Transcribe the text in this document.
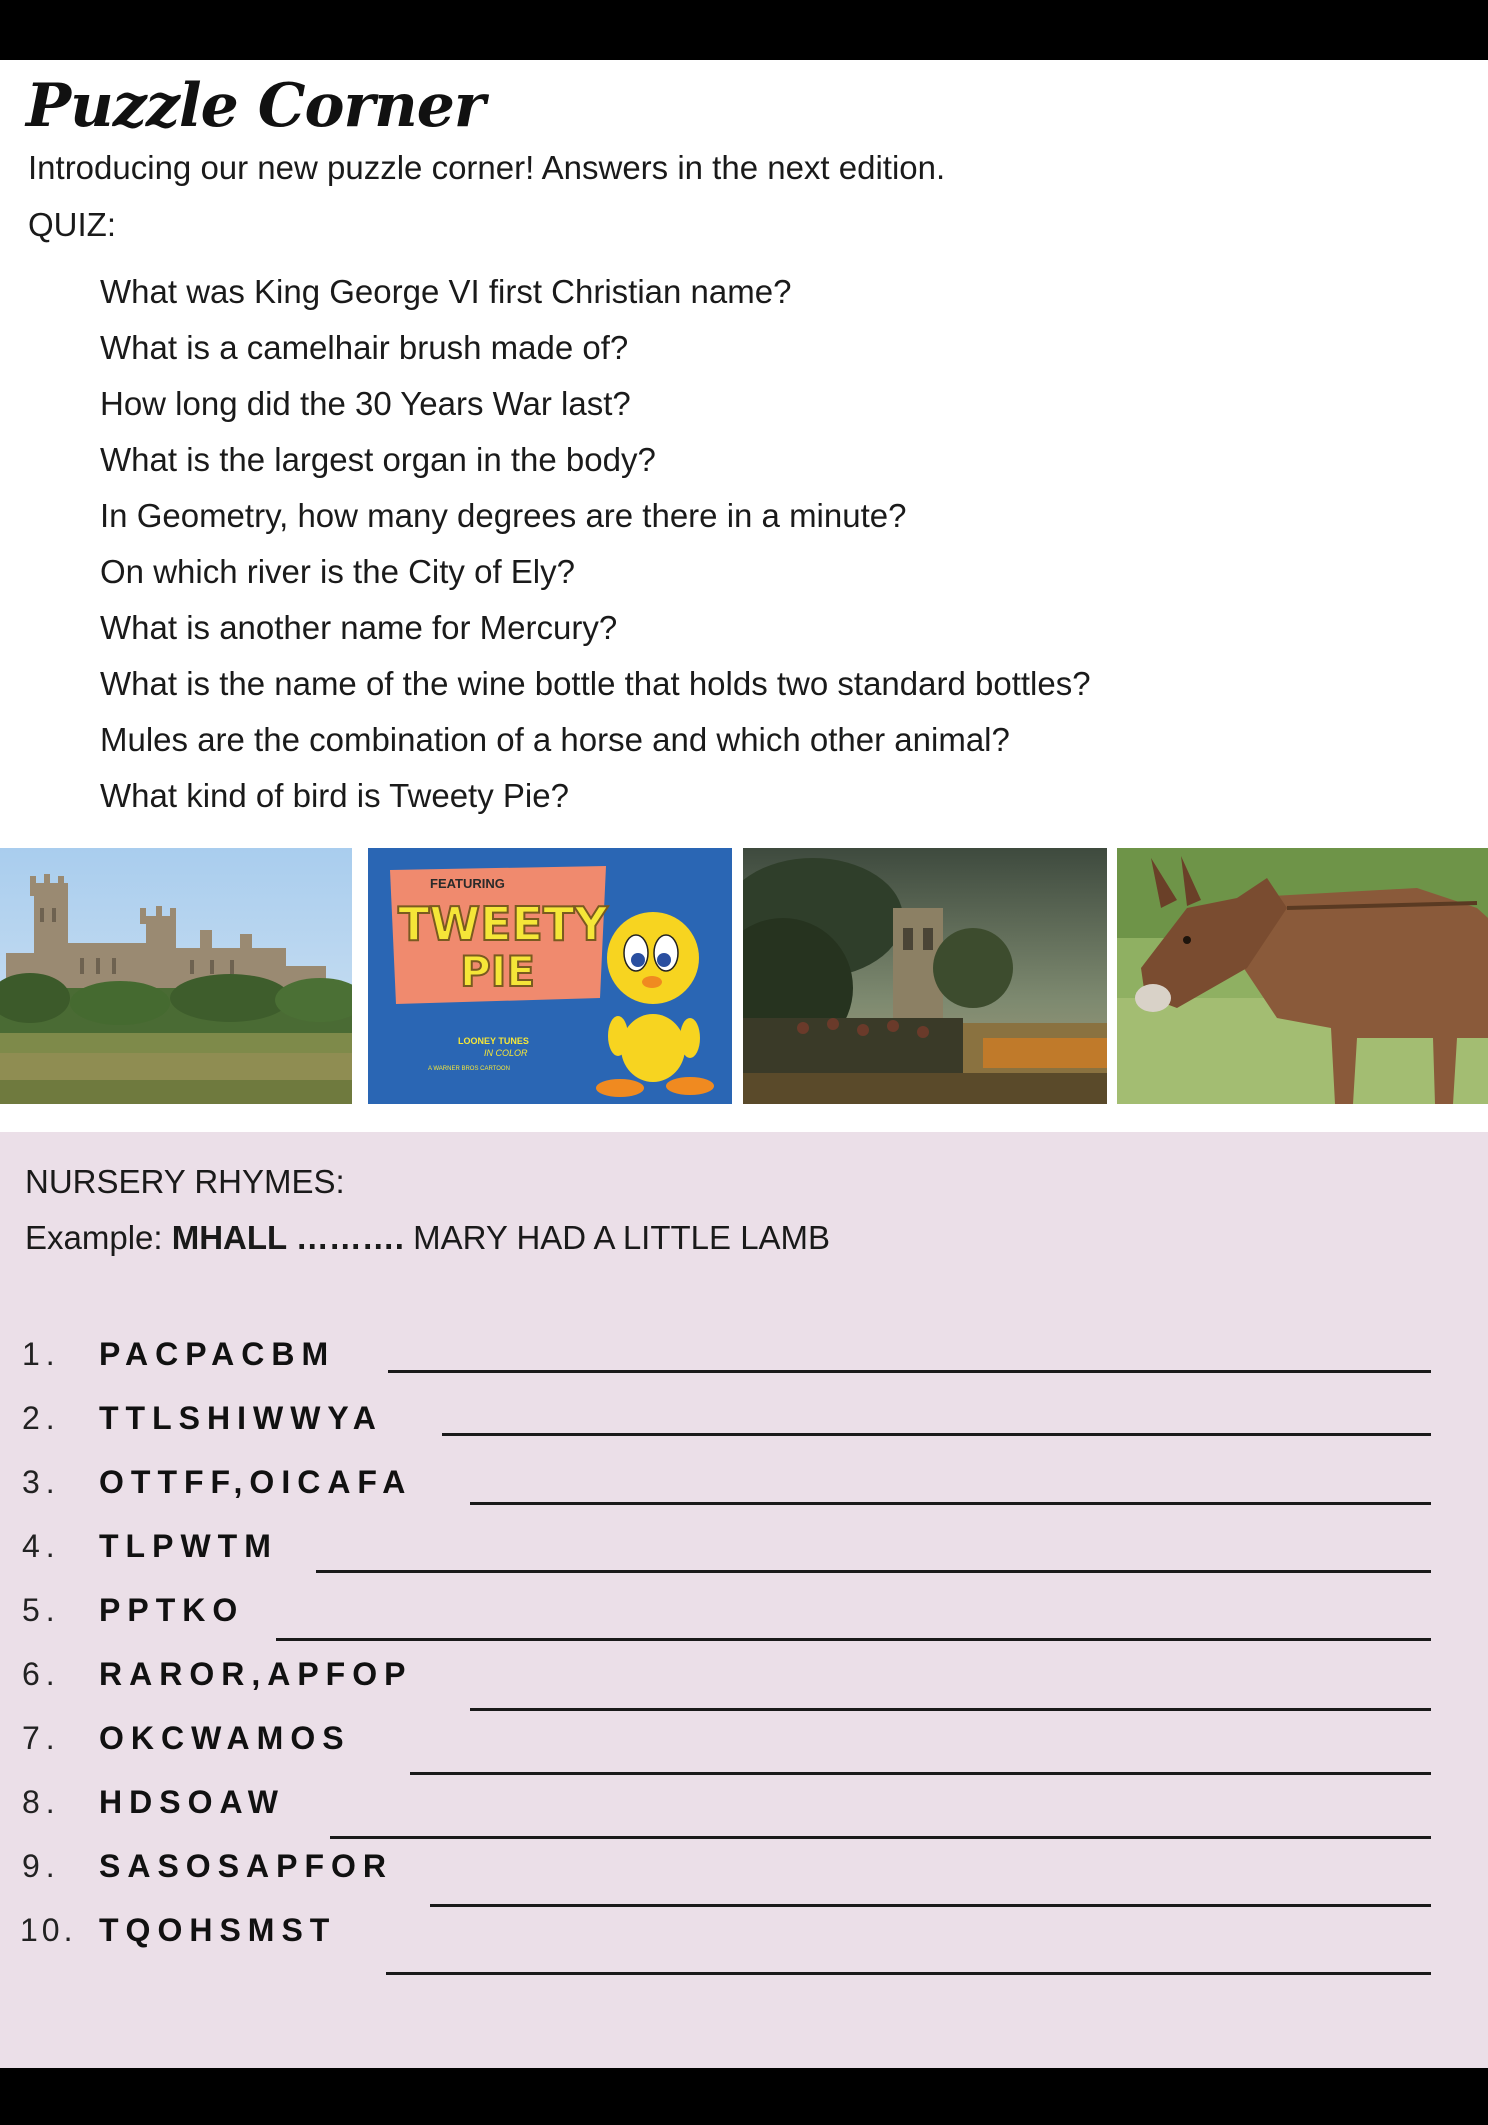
Puzzle Corner
Introducing our new puzzle corner! Answers in the next edition.
QUIZ:
What was King George VI first Christian name?
What is a camelhair brush made of?
How long did the 30 Years War last?
What is the largest organ in the body?
In Geometry, how many degrees are there in a minute?
On which river is the City of Ely?
What is another name for Mercury?
What is the name of the wine bottle that holds two standard bottles?
Mules are the combination of a horse and which other animal?
What kind of bird is Tweety Pie?
FEATURING
TWEETY
PIE
LOONEY TUNES
IN COLOR
A WARNER BROS CARTOON
NURSERY RHYMES:
Example: MHALL ………. MARY HAD A LITTLE LAMB
1.	PACPACBM
2.	TTLSHIWWYA
3.	OTTFF,OICAFA
4.	TLPWTM
5.	PPTKO
6.	RAROR,APFOP
7.	OKCWAMOS
8.	HDSOAW
9.	SASOSAPFOR
10. TQOHSMST
